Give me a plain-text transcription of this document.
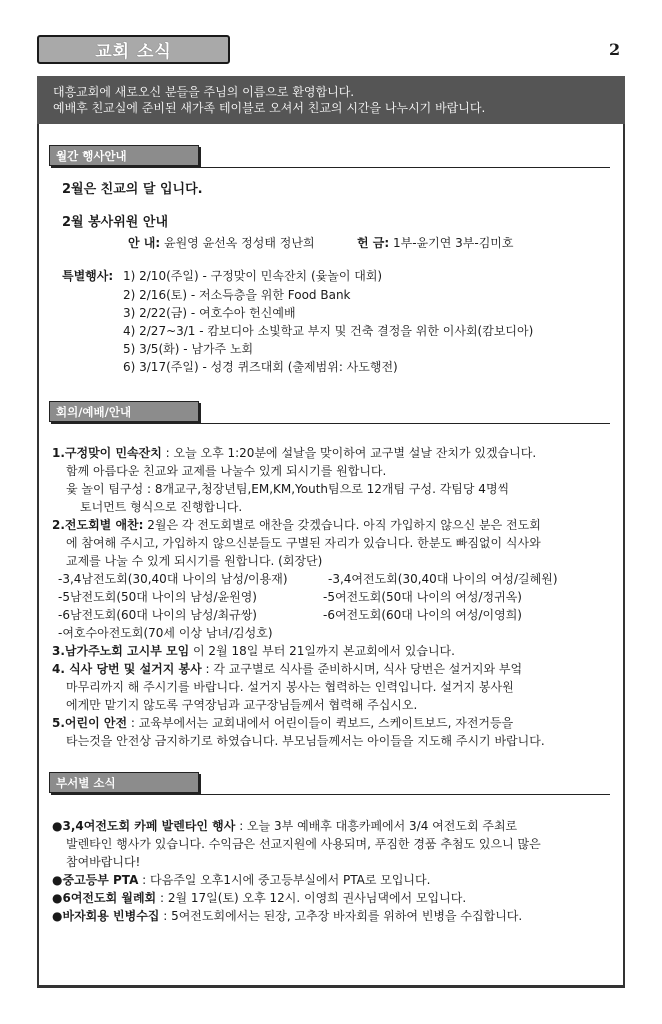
교회 소식	2
대흥교회에 새로오신 분들을 주님의 이름으로 환영합니다.
예배후 친교실에 준비된 새가족 테이블로 오셔서 친교의 시간을 나누시기 바랍니다.
월간 행사안내
2월은 친교의 달 입니다.
2월 봉사위원 안내
안 내: 윤원영 윤선옥 정성태 정난희	헌 금: 1부-윤기연 3부-김미호
특별행사: 1) 2/10(주일) - 구정맞이 민속잔치 (윷놀이 대회)
2) 2/16(토) - 저소득층을 위한 Food Bank
3) 2/22(금) - 여호수아 헌신예배
4) 2/27~3/1 - 캄보디아 소빛학교 부지 및 건축 결정을 위한 이사회(캄보디아)
5) 3/5(화) - 남가주 노회
6) 3/17(주일) - 성경 퀴즈대회 (출제범위: 사도행전)
회의/예배/안내
1.구정맞이 민속잔치 : 오늘 오후 1:20분에 설날을 맞이하여 교구별 설날 잔치가 있겠습니다.
함께 아름다운 친교와 교제를 나눌수 있게 되시기를 원합니다.
윷 놀이 팀구성 : 8개교구,청장년팀,EM,KM,Youth팀으로 12개팀 구성. 각팀당 4명씩
토너먼트 형식으로 진행합니다.
2.전도회별 애찬: 2월은 각 전도회별로 애찬을 갖겠습니다. 아직 가입하지 않으신 분은 전도회
에 참여해 주시고, 가입하지 않으신분들도 구별된 자리가 있습니다. 한분도 빠짐없이 식사와
교제를 나눌 수 있게 되시기를 원합니다. (회장단)
-3,4남전도회(30,40대 나이의 남성/이용재)	-3,4여전도회(30,40대 나이의 여성/길혜원)
-5남전도회(50대 나이의 남성/윤원영)	-5여전도회(50대 나이의 여성/정귀옥)
-6남전도회(60대 나이의 남성/최규쌍)	-6여전도회(60대 나이의 여성/이영희)
-여호수아전도회(70세 이상 남녀/김성호)
3.남가주노회 고시부 모임 이 2월 18일 부터 21일까지 본교회에서 있습니다.
4. 식사 당번 및 설거지 봉사 : 각 교구별로 식사를 준비하시며, 식사 당번은 설거지와 부엌
마무리까지 해 주시기를 바랍니다. 설거지 봉사는 협력하는 인력입니다. 설거지 봉사원
에게만 맡기지 않도록 구역장님과 교구장님들께서 협력해 주십시오.
5.어린이 안전 : 교육부에서는 교회내에서 어린이들이 퀵보드, 스케이트보드, 자전거등을
타는것을 안전상 금지하기로 하였습니다. 부모님들께서는 아이들을 지도해 주시기 바랍니다.
부서별 소식
●3,4여전도회 카페 발렌타인 행사 : 오늘 3부 예배후 대흥카페에서 3/4 여전도회 주최로
발렌타인 행사가 있습니다. 수익금은 선교지원에 사용되며, 푸짐한 경품 추첨도 있으니 많은
참여바랍니다!
●중고등부 PTA : 다음주일 오후1시에 중고등부실에서 PTA로 모입니다.
●6여전도회 월례회 : 2월 17일(토) 오후 12시. 이영희 권사님댁에서 모입니다.
●바자회용 빈병수집 : 5여전도회에서는 된장, 고추장 바자회를 위하여 빈병을 수집합니다.
